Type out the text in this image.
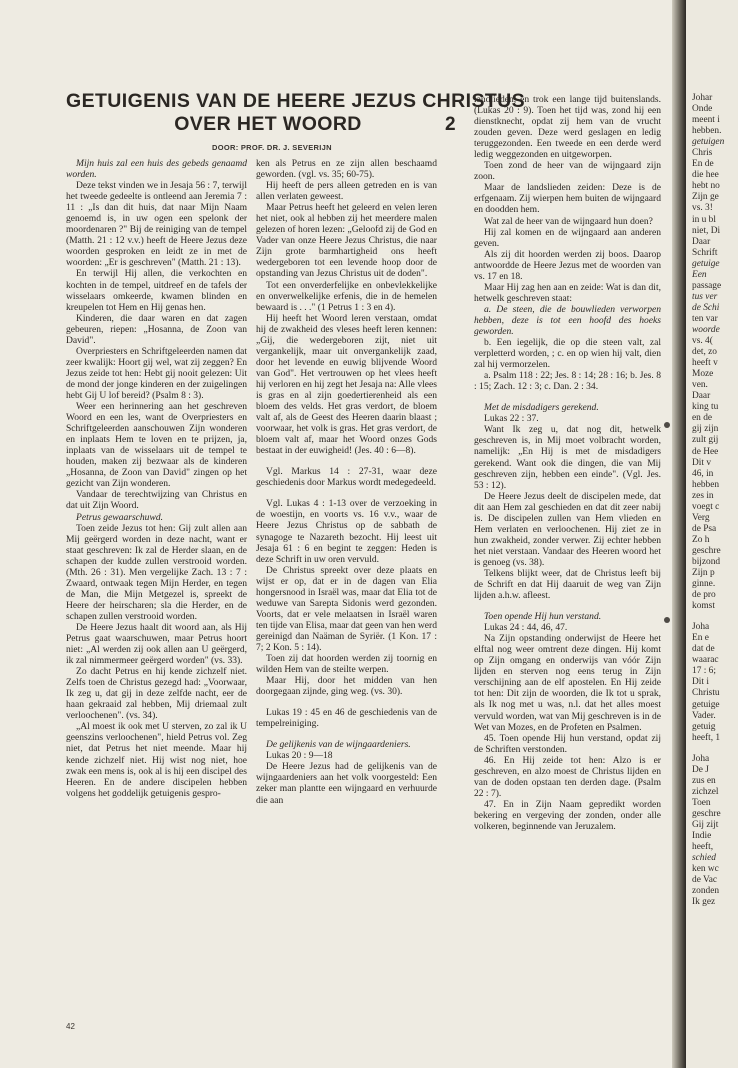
GETUIGENIS VAN DE HEERE JEZUS CHRISTUS
OVER HET WOORD	2
DOOR: PROF. DR. J. SEVERIJN

Mijn huis zal een huis des gebeds genaamd worden.

Deze tekst vinden we in Jesaja 56 : 7, terwijl het tweede gedeelte is ontleend aan Jeremia 7 : 11 : „Is dan dit huis, dat naar Mijn Naam genoemd is, in uw ogen een spelonk der moordenaren ?" Bij de reiniging van de tempel (Matth. 21 : 12 v.v.) heeft de Heere Jezus deze woorden gesproken en leidt ze in met de woorden: „Er is geschreven" (Matth. 21 : 13).

En terwijl Hij allen, die verkochten en kochten in de tempel, uitdreef en de tafels der wisselaars omkeerde, kwamen blinden en kreupelen tot Hem en Hij genas hen.

Kinderen, die daar waren en dat zagen gebeuren, riepen: „Hosanna, de Zoon van David".

Overpriesters en Schriftgeleerden namen dat zeer kwalijk: Hoort gij wel, wat zij zeggen? En Jezus zeide tot hen: Hebt gij nooit gelezen: Uit de mond der jonge kinderen en der zuigelingen hebt Gij U lof bereid? (Psalm 8 : 3).

Weer een herinnering aan het geschreven Woord en een les, want de Overpriesters en Schriftgeleerden aanschouwen Zijn wonderen en inplaats Hem te loven en te prijzen, ja, inplaats van de wisselaars uit de tempel te houden, maken zij bezwaar als de kinderen „Hosanna, de Zoon van David" zingen op het gezicht van Zijn wonderen.

Vandaar de terechtwijzing van Christus en dat uit Zijn Woord.

Petrus gewaarschuwd.

Toen zeide Jezus tot hen: Gij zult allen aan Mij geërgerd worden in deze nacht, want er staat geschreven: Ik zal de Herder slaan, en de schapen der kudde zullen verstrooid worden. (Mth. 26 : 31). Men vergelijke Zach. 13 : 7 : Zwaard, ontwaak tegen Mijn Herder, en tegen de Man, die Mijn Metgezel is, spreekt de Heere der heirscharen; sla die Herder, en de schapen zullen verstrooid worden.

De Heere Jezus haalt dit woord aan, als Hij Petrus gaat waarschuwen, maar Petrus hoort niet: „Al werden zij ook allen aan U geërgerd, ik zal nimmermeer geërgerd worden" (vs. 33).

Zo dacht Petrus en hij kende zichzelf niet. Zelfs toen de Christus gezegd had: „Voorwaar, Ik zeg u, dat gij in deze zelfde nacht, eer de haan gekraaid zal hebben, Mij driemaal zult verloochenen". (vs. 34).

„Al moest ik ook met U sterven, zo zal ik U geenszins verloochenen", hield Petrus vol. Zeg niet, dat Petrus het niet meende. Maar hij kende zichzelf niet. Hij wist nog niet, hoe zwak een mens is, ook al is hij een discipel des Heeren. En de andere discipelen hebben volgens het goddelijk getuigenis gespro-

ken als Petrus en ze zijn allen beschaamd geworden. (vgl. vs. 35; 60-75).

Hij heeft de pers alleen getreden en is van allen verlaten geweest.

Maar Petrus heeft het geleerd en velen leren het niet, ook al hebben zij het meerdere malen gelezen of horen lezen: „Geloofd zij de God en Vader van onze Heere Jezus Christus, die naar Zijn grote barmhartigheid ons heeft wedergeboren tot een levende hoop door de opstanding van Jezus Christus uit de doden".

Tot een onverderfelijke en onbevlekkelijke en onverwelkelijke erfenis, die in de hemelen bewaard is . . ." (1 Petrus 1 : 3 en 4).

Hij heeft het Woord leren verstaan, omdat hij de zwakheid des vleses heeft leren kennen: „Gij, die wedergeboren zijt, niet uit vergankelijk, maar uit onvergankelijk zaad, door het levende en euwig blijvende Woord van God". Het vertrouwen op het vlees heeft hij verloren en hij zegt het Jesaja na: Alle vlees is gras en al zijn goedertierenheid als een bloem des velds. Het gras verdort, de bloem valt af, als de Geest des Heeren daarin blaast ; voorwaar, het volk is gras. Het gras verdort, de bloem valt af, maar het Woord onzes Gods bestaat in der euwigheid! (Jes. 40 : 6—8).

Vgl. Markus 14 : 27-31, waar deze geschiedenis door Markus wordt medegedeeld.

Vgl. Lukas 4 : 1-13 over de verzoeking in de woestijn, en voorts vs. 16 v.v., waar de Heere Jezus Christus op de sabbath de synagoge te Nazareth bezocht. Hij leest uit Jesaja 61 : 6 en begint te zeggen: Heden is deze Schrift in uw oren vervuld.

De Christus spreekt over deze plaats en wijst er op, dat er in de dagen van Elia hongersnood in Israël was, maar dat Elia tot de weduwe van Sarepta Sidonis werd gezonden. Voorts, dat er vele melaatsen in Israël waren ten tijde van Elisa, maar dat geen van hen werd gereinigd dan Naäman de Syriër. (1 Kon. 17 : 7; 2 Kon. 5 : 14).

Toen zij dat hoorden werden zij toornig en wilden Hem van de steilte werpen.

Maar Hij, door het midden van hen doorgegaan zijnde, ging weg. (vs. 30).

Lukas 19 : 45 en 46 de geschiedenis van de tempelreiniging.

De gelijkenis van de wijngaardeniers.

Lukas 20 : 9—18

De Heere Jezus had de gelijkenis van de wijngaardeniers aan het volk voorgesteld: Een zeker man plantte een wijngaard en verhuurde die aan

landlieden, en trok een lange tijd buitenslands. (Lukas 20 : 9). Toen het tijd was, zond hij een dienstknecht, opdat zij hem van de vrucht zouden geven. Deze werd geslagen en ledig teruggezonden. Een tweede en een derde werd ledig weggezonden en uitgeworpen.

Toen zond de heer van de wijngaard zijn zoon.

Maar de landslieden zeiden: Deze is de erfgenaam. Zij wierpen hem buiten de wijngaard en doodden hem.

Wat zal de heer van de wijngaard hun doen?

Hij zal komen en de wijngaard aan anderen geven.

Als zij dit hoorden werden zij boos. Daarop antwoordde de Heere Jezus met de woorden van vs. 17 en 18.

Maar Hij zag hen aan en zeide: Wat is dan dit, hetwelk geschreven staat:

a. De steen, die de bouwlieden verworpen hebben, deze is tot een hoofd des hoeks geworden.

b. Een iegelijk, die op die steen valt, zal verpletterd worden, ; c. en op wien hij valt, dien zal hij vermorzelen.

a. Psalm 118 : 22; Jes. 8 : 14; 28 : 16; b. Jes. 8 : 15; Zach. 12 : 3; c. Dan. 2 : 34.

Met de misdadigers gerekend.

Lukas 22 : 37.

Want Ik zeg u, dat nog dit, hetwelk geschreven is, in Mij moet volbracht worden, namelijk: „En Hij is met de misdadigers gerekend. Want ook die dingen, die van Mij geschreven zijn, hebben een einde". (Vgl. Jes. 53 : 12).

De Heere Jezus deelt de discipelen mede, dat dit aan Hem zal geschieden en dat dit zeer nabij is. De discipelen zullen van Hem vlieden en Hem verlaten en verloochenen. Hij ziet ze in hun zwakheid, zonder verwer. Zij echter hebben het niet verstaan. Vandaar des Heeren woord het is genoeg (vs. 38).

Telkens blijkt weer, dat de Christus leeft bij de Schrift en dat Hij daaruit de weg van Zijn lijden a.h.w. afleest.

Toen opende Hij hun verstand.

Lukas 24 : 44, 46, 47.

Na Zijn opstanding onderwijst de Heere het elftal nog weer omtrent deze dingen. Hij komt op Zijn omgang en onderwijs van vóór Zijn lijden en sterven nog eens terug in Zijn verschijning aan de elf apostelen. En Hij zeide tot hen: Dit zijn de woorden, die Ik tot u sprak, als Ik nog met u was, n.l. dat het alles moest vervuld worden, wat van Mij geschreven is in de Wet van Mozes, en de Profeten en Psalmen.

45. Toen opende Hij hun verstand, opdat zij de Schriften verstonden.

46. En Hij zeide tot hen: Alzo is er geschreven, en alzo moest de Christus lijden en van de doden opstaan ten derden dage. (Psalm 22 : 7).

47. En in Zijn Naam gepredikt worden bekering en vergeving der zonden, onder alle volkeren, beginnende van Jeruzalem.

42
Johar
Onde
meent i
hebben.
getuigen
Chris
En de
die hee
hebt no
Zijn ge
vs. 3!
in u bl
niet, Di
Daar
Schrift
getuige
Een
passage
tus ver
de Schi
ten var
woorde
vs. 4(
det, zo
heeft v
Moze
ven.
Daar
king tu
en de
gij zijn
zult gij
de Hee
Dit v
46, in
hebben
zes in
voegt c
Verg
de Psa
Zo h
geschre
bijzond
Zijn p
ginne.
de pro
komst
Joha
En e
dat de
waarac
17 : 6;
Dit i
Christu
getuige
Vader.
getuig
heeft, 1
Joha
De J
zus en
zichzel
Toen
geschre
Gij zijt
Indie
heeft,
schied
ken wc
de Vac
zonden
Ik gez
